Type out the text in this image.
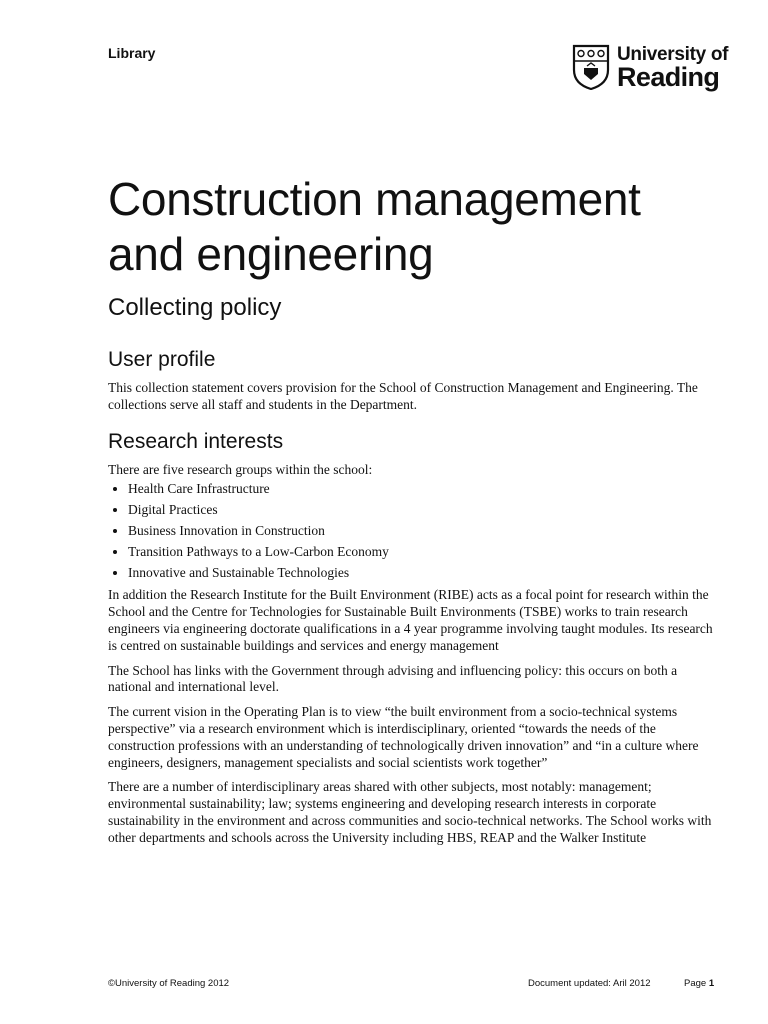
Library	University of
Reading
Construction management and engineering
Collecting policy
User profile

This collection statement covers provision for the School of Construction Management and Engineering. The collections serve all staff and students in the Department.

Research interests

There are five research groups within the school:

• Health Care Infrastructure
• Digital Practices
• Business Innovation in Construction
• Transition Pathways to a Low-Carbon Economy
• Innovative and Sustainable Technologies

In addition the Research Institute for the Built Environment (RIBE) acts as a focal point for research within the School and the Centre for Technologies for Sustainable Built Environments (TSBE) works to train research engineers via engineering doctorate qualifications in a 4 year programme involving taught modules. Its research is centred on sustainable buildings and services and energy management

The School has links with the Government through advising and influencing policy: this occurs on both a national and international level.

The current vision in the Operating Plan is to view “the built environment from a socio-technical systems perspective” via a research environment which is interdisciplinary, oriented “towards the needs of the construction professions with an understanding of technologically driven innovation” and “in a culture where engineers, designers, management specialists and social scientists work together”

There are a number of interdisciplinary areas shared with other subjects, most notably: management; environmental sustainability; law; systems engineering and developing research interests in corporate sustainability in the environment and across communities and socio-technical networks. The School works with other departments and schools across the University including HBS, REAP and the Walker Institute

©University of Reading 2012	Document updated: Aril 2012	Page 1
